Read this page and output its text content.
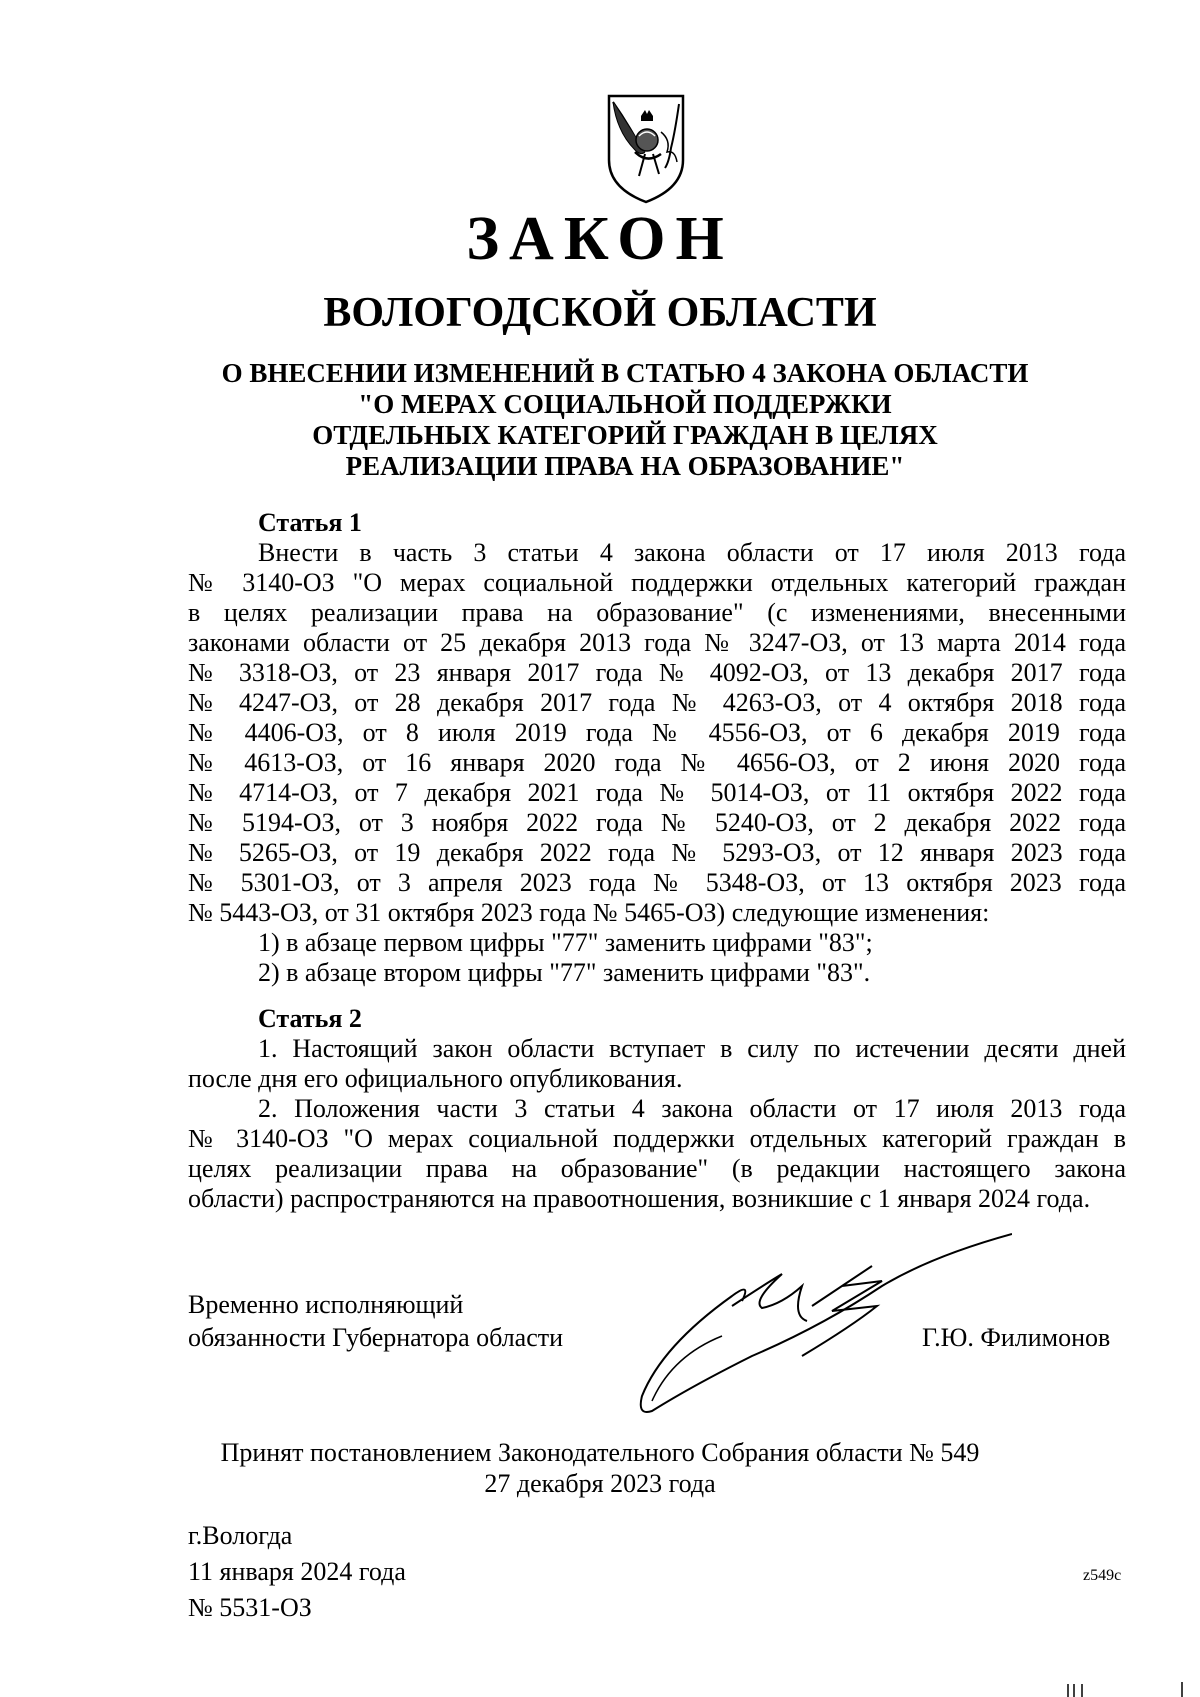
ЗАКОН
ВОЛОГОДСКОЙ ОБЛАСТИ
О ВНЕСЕНИИ ИЗМЕНЕНИЙ В СТАТЬЮ 4 ЗАКОНА ОБЛАСТИ
"О МЕРАХ СОЦИАЛЬНОЙ ПОДДЕРЖКИ
ОТДЕЛЬНЫХ КАТЕГОРИЙ ГРАЖДАН В ЦЕЛЯХ
РЕАЛИЗАЦИИ ПРАВА НА ОБРАЗОВАНИЕ"
Статья 1
Внести в часть 3 статьи 4 закона области от 17 июля 2013 года
№ 3140-ОЗ "О мерах социальной поддержки отдельных категорий граждан
в целях реализации права на образование" (с изменениями, внесенными
законами области от 25 декабря 2013 года № 3247-ОЗ, от 13 марта 2014 года
№ 3318-ОЗ, от 23 января 2017 года № 4092-ОЗ, от 13 декабря 2017 года
№ 4247-ОЗ, от 28 декабря 2017 года № 4263-ОЗ, от 4 октября 2018 года
№ 4406-ОЗ, от 8 июля 2019 года № 4556-ОЗ, от 6 декабря 2019 года
№ 4613-ОЗ, от 16 января 2020 года № 4656-ОЗ, от 2 июня 2020 года
№ 4714-ОЗ, от 7 декабря 2021 года № 5014-ОЗ, от 11 октября 2022 года
№ 5194-ОЗ, от 3 ноября 2022 года № 5240-ОЗ, от 2 декабря 2022 года
№ 5265-ОЗ, от 19 декабря 2022 года № 5293-ОЗ, от 12 января 2023 года
№ 5301-ОЗ, от 3 апреля 2023 года № 5348-ОЗ, от 13 октября 2023 года
№ 5443-ОЗ, от 31 октября 2023 года № 5465-ОЗ) следующие изменения:
1) в абзаце первом цифры "77" заменить цифрами "83";
2) в абзаце втором цифры "77" заменить цифрами "83".
Статья 2
1. Настоящий закон области вступает в силу по истечении десяти дней
после дня его официального опубликования.
2. Положения части 3 статьи 4 закона области от 17 июля 2013 года
№ 3140-ОЗ "О мерах социальной поддержки отдельных категорий граждан в
целях реализации права на образование" (в редакции настоящего закона
области) распространяются на правоотношения, возникшие с 1 января 2024 года.
Временно исполняющий
обязанности Губернатора области	Г.Ю. Филимонов
Принят постановлением Законодательного Собрания области № 549
27 декабря 2023 года
г.Вологда
11 января 2024 года
№ 5531-ОЗ
z549c
